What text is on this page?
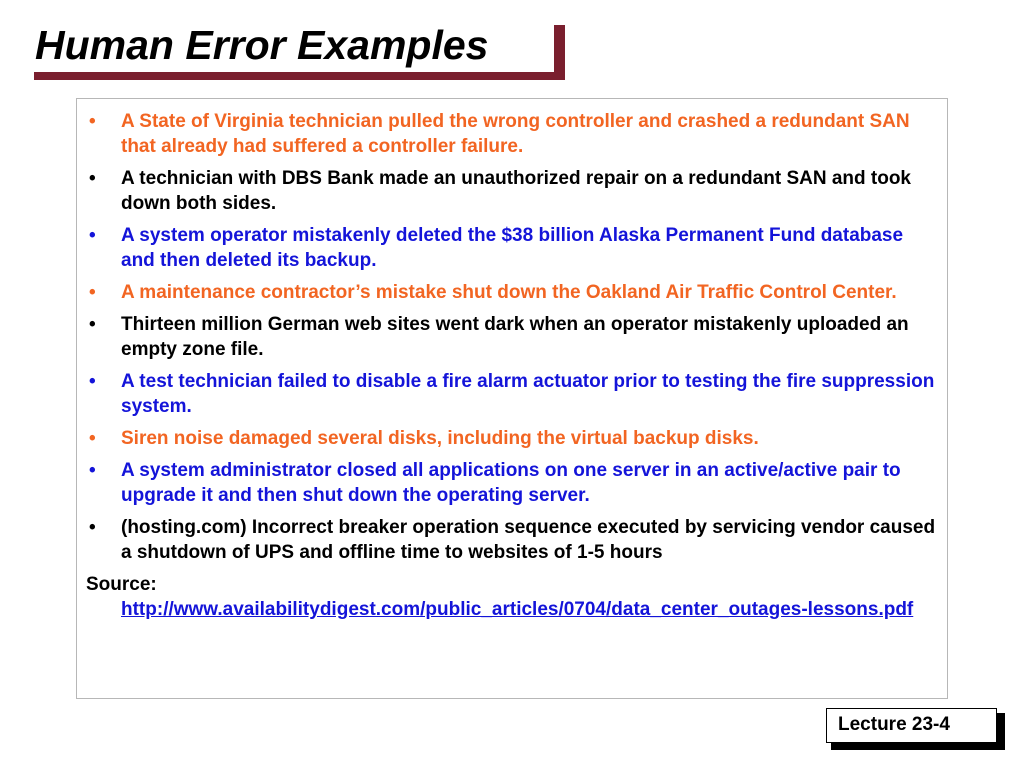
Human Error Examples
• A State of Virginia technician pulled the wrong controller and crashed a redundant SAN that already had suffered a controller failure.
• A technician with DBS Bank made an unauthorized repair on a redundant SAN and took down both sides.
• A system operator mistakenly deleted the $38 billion Alaska Permanent Fund database and then deleted its backup.
• A maintenance contractor’s mistake shut down the Oakland Air Traffic Control Center.
• Thirteen million German web sites went dark when an operator mistakenly uploaded an empty zone file.
• A test technician failed to disable a fire alarm actuator prior to testing the fire suppression system.
• Siren noise damaged several disks, including the virtual backup disks.
• A system administrator closed all applications on one server in an active/active pair to upgrade it and then shut down the operating server.
• (hosting.com) Incorrect breaker operation sequence executed by servicing vendor caused a shutdown of UPS and offline time to websites of 1-5 hours
Source:
http://www.availabilitydigest.com/public_articles/0704/data_center_outages-lessons.pdf
Lecture 23-4
